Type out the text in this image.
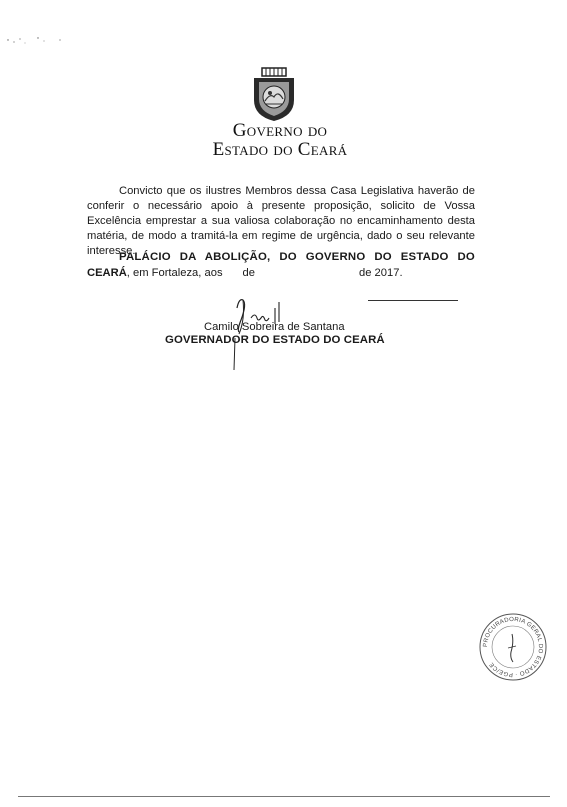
Governo do
Estado do Ceará

Convicto que os ilustres Membros dessa Casa Legislativa haverão de conferir o necessário apoio à presente proposição, solicito de Vossa Excelência emprestar a sua valiosa colaboração no encaminhamento desta matéria, de modo a tramitá-la em regime de urgência, dado o seu relevante interesse.

PALÁCIO DA ABOLIÇÃO, DO GOVERNO DO ESTADO DO

CEARÁ, em Fortaleza, aos de	de 2017.

Camilo Sobreira de Santana

GOVERNADOR DO ESTADO DO CEARÁ

PROCURADORIA GERAL DO ESTADO · PGE/CE
